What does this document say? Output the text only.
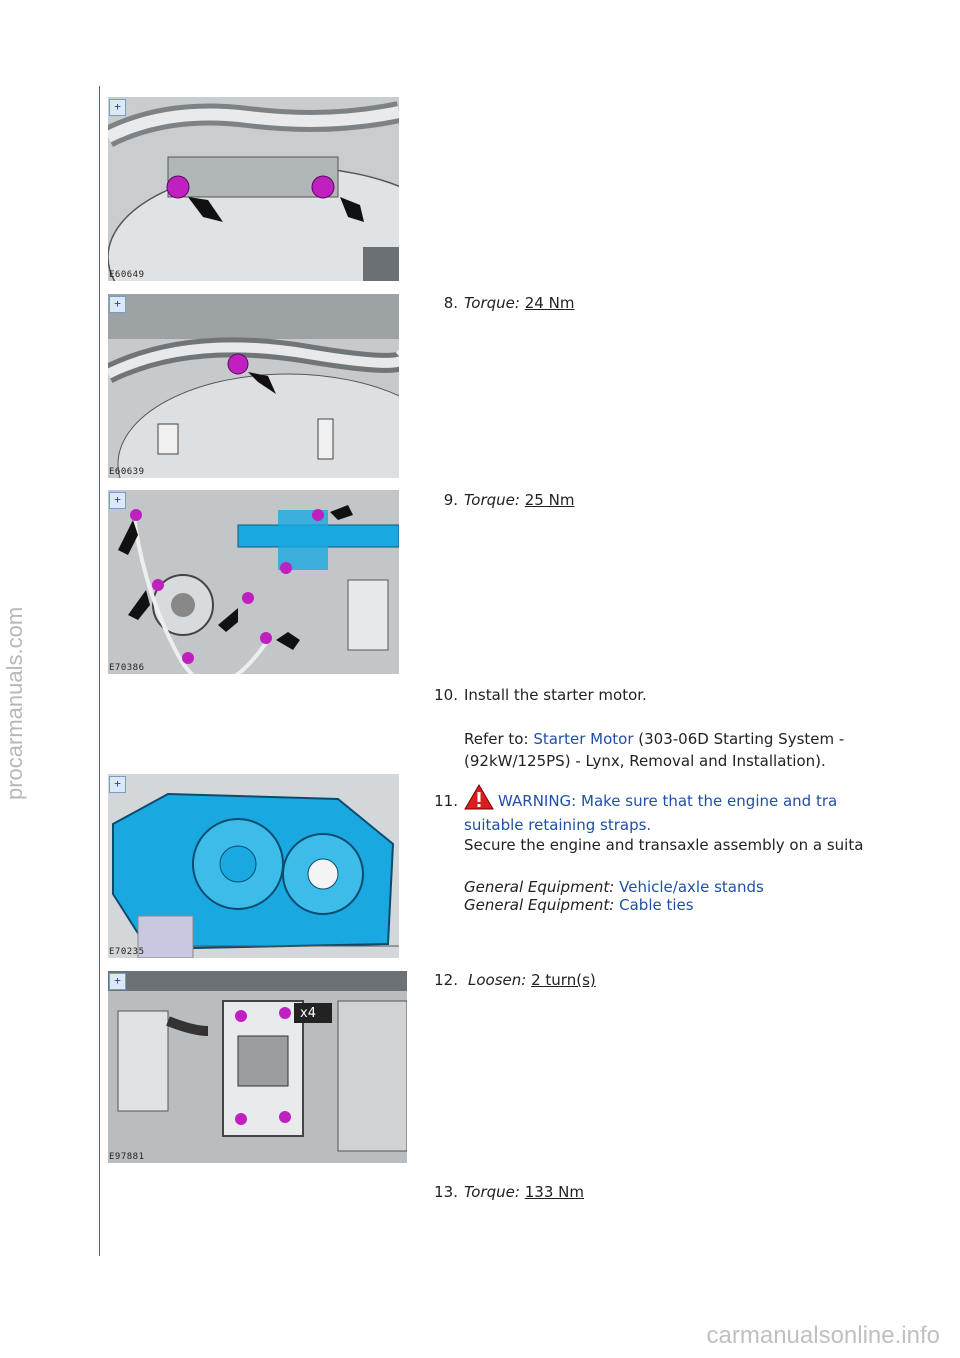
procarmanuals.com
carmanualsonline.info
+
E60649
+
E60639
+
E70386
+
E70235
x4
+
E97881
8. Torque: 24 Nm
9. Torque: 25 Nm
10. Install the starter motor.
Refer to: Starter Motor (303-06D Starting System -
(92kW/125PS) - Lynx, Removal and Installation).
11.	WARNING: Make sure that the engine and tra
suitable retaining straps.
Secure the engine and transaxle assembly on a suita
General Equipment: Vehicle/axle stands
General Equipment: Cable ties
12. Loosen: 2 turn(s)
13. Torque: 133 Nm
